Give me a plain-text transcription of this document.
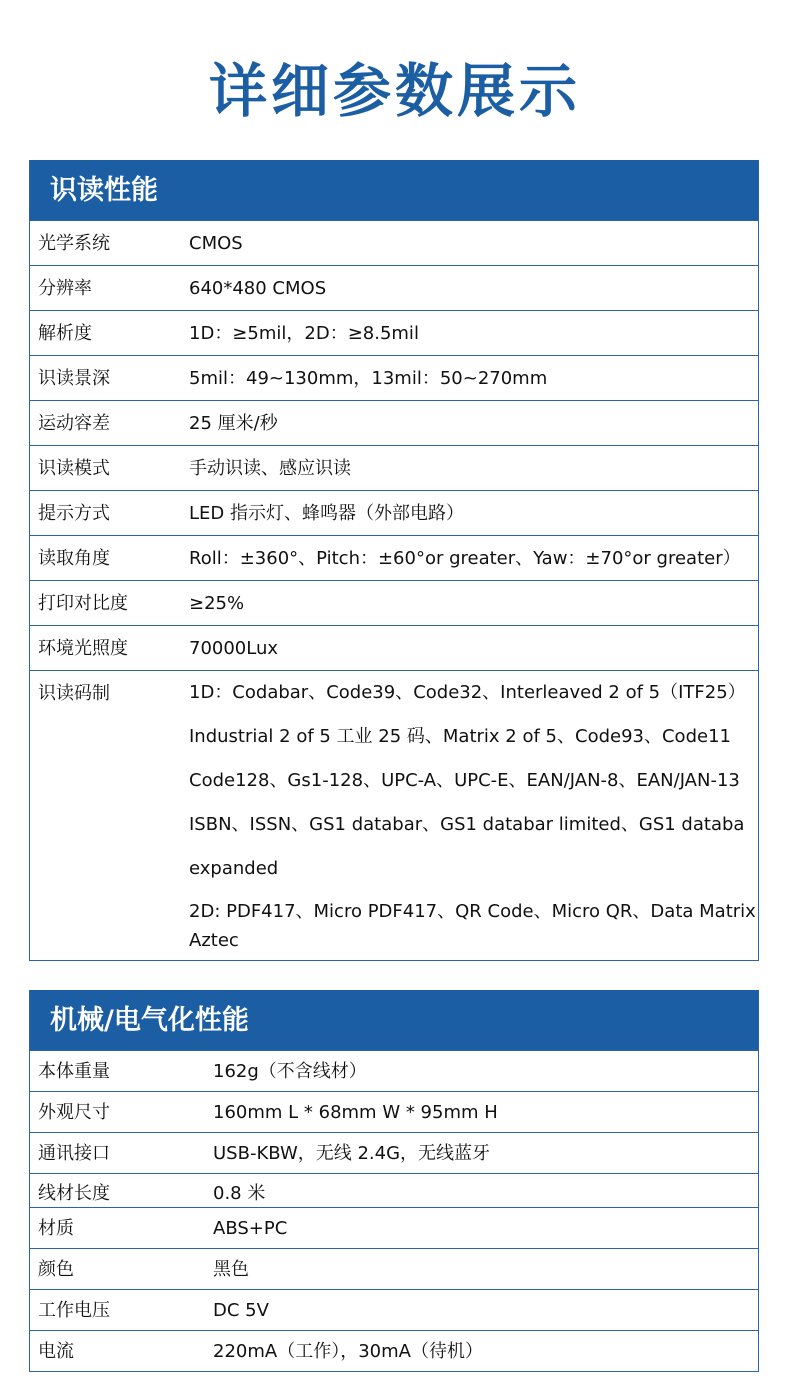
详细参数展示
识读性能
光学系统	CMOS
分辨率	640*480 CMOS
解析度	1D：≥5mil，2D：≥8.5mil
识读景深	5mil：49~130mm，13mil：50~270mm
运动容差	25 厘米/秒
识读模式	手动识读、感应识读
提示方式	LED 指示灯、蜂鸣器（外部电路）
读取角度	Roll：±360°、Pitch：±60°or greater、Yaw：±70°or greater）
打印对比度	≥25%
环境光照度	70000Lux
识读码制	1D：Codabar、Code39、Code32、Interleaved 2 of 5（ITF25）
Industrial 2 of 5 工业 25 码、Matrix 2 of 5、Code93、Code11
Code128、Gs1-128、UPC-A、UPC-E、EAN/JAN-8、EAN/JAN-13
ISBN、ISSN、GS1 databar、GS1 databar limited、GS1 databa
expanded
2D: PDF417、Micro PDF417、QR Code、Micro QR、Data Matrix
Aztec
机械/电气化性能
本体重量	162g（不含线材）
外观尺寸	160mm L * 68mm W * 95mm H
通讯接口	USB-KBW，无线 2.4G，无线蓝牙
线材长度	0.8 米
材质	ABS+PC
颜色	黑色
工作电压	DC 5V
电流	220mA（工作），30mA（待机）
